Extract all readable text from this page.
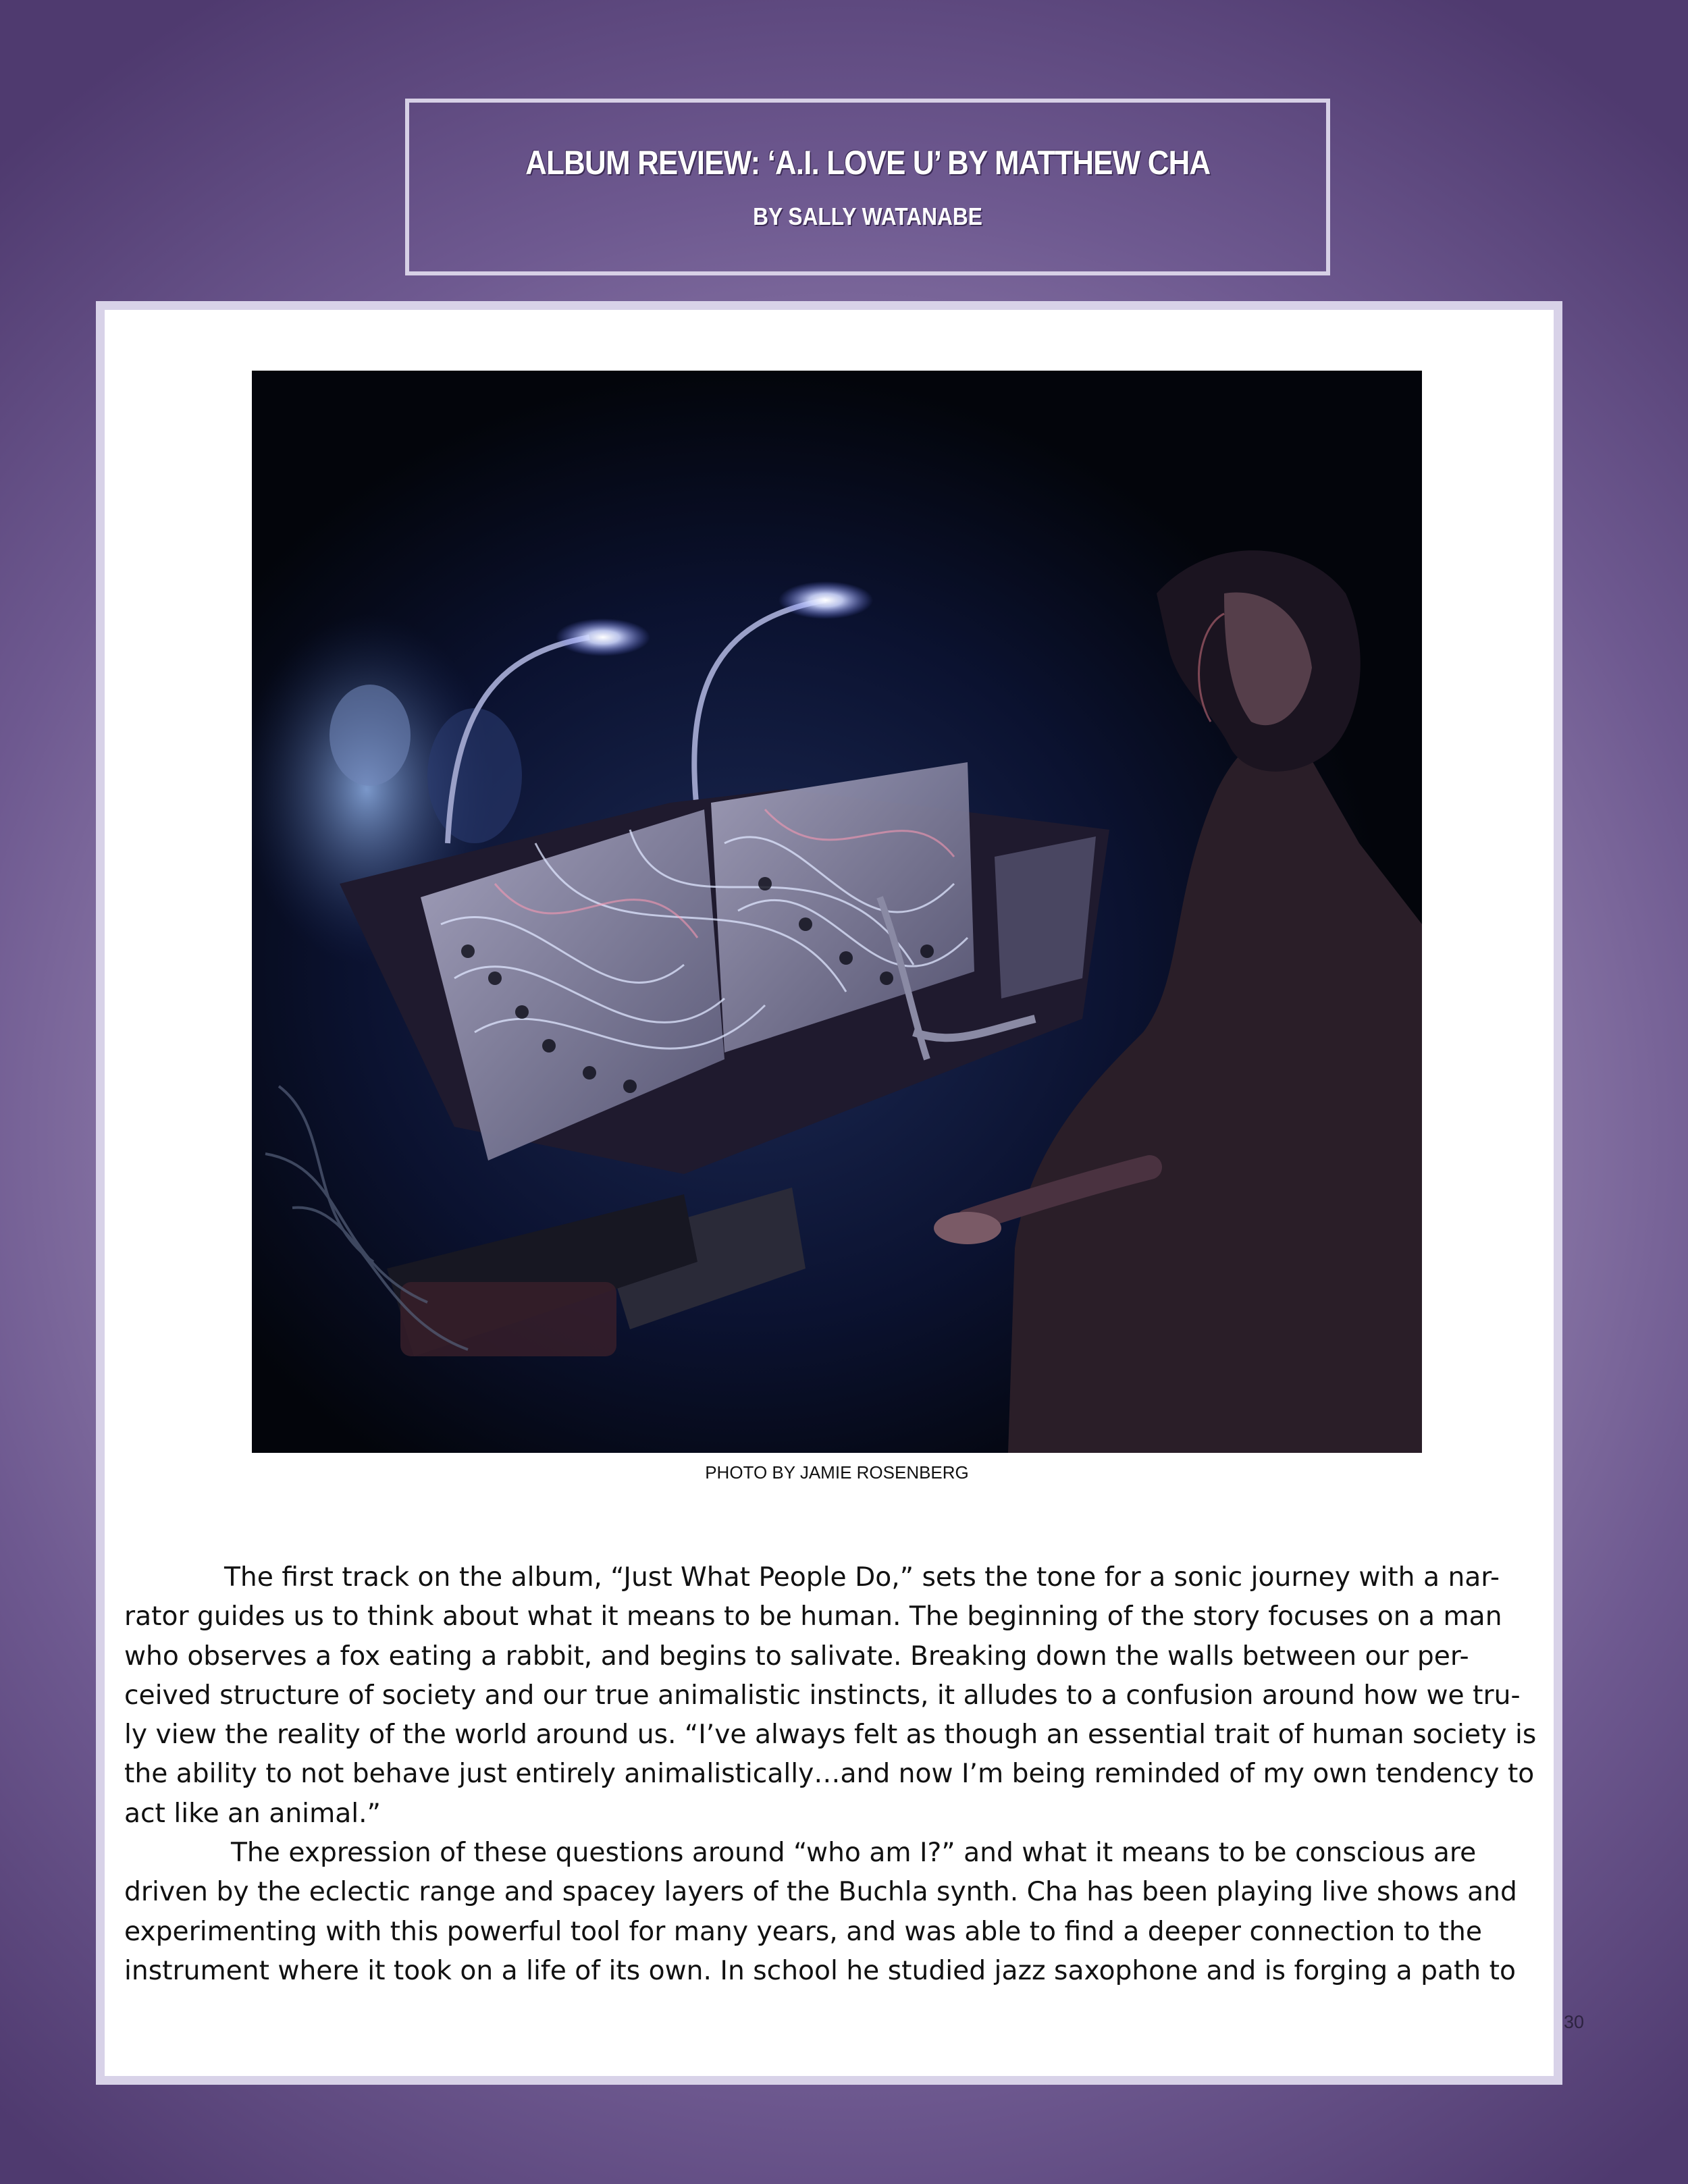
ALBUM REVIEW: ‘A.I. LOVE U’ BY MATTHEW CHA
BY SALLY WATANABE
PHOTO BY JAMIE ROSENBERG
The first track on the album, “Just What People Do,” sets the tone for a sonic journey with a nar-
rator guides us to think about what it means to be human. The beginning of the story focuses on a man
who observes a fox eating a rabbit, and begins to salivate. Breaking down the walls between our per-
ceived structure of society and our true animalistic instincts, it alludes to a confusion around how we tru-
ly view the reality of the world around us. “I’ve always felt as though an essential trait of human society is
the ability to not behave just entirely animalistically…and now I’m being reminded of my own tendency to
act like an animal.”
The expression of these questions around “who am I?” and what it means to be conscious are
driven by the eclectic range and spacey layers of the Buchla synth. Cha has been playing live shows and
experimenting with this powerful tool for many years, and was able to find a deeper connection to the
instrument where it took on a life of its own. In school he studied jazz saxophone and is forging a path to
30
